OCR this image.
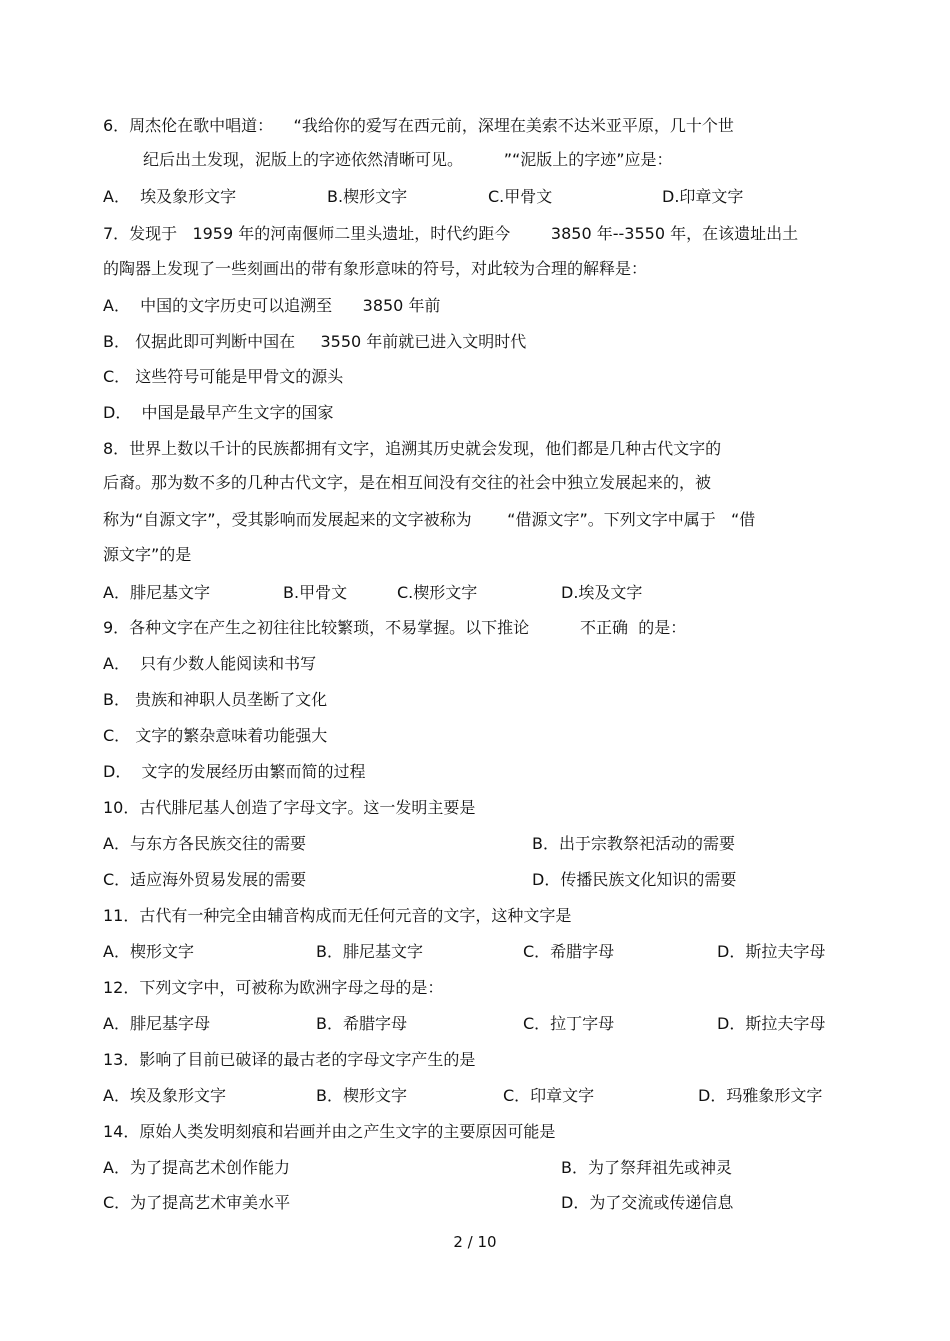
6．周杰伦在歌中唱道：    “我给你的爱写在西元前，深埋在美索不达米亚平原，几十个世
纪后出土发现，泥版上的字迹依然清晰可见。        ”“泥版上的字迹”应是：
A．  埃及象形文字	B.楔形文字	C.甲骨文	D.印章文字
7．发现于   1959 年的河南偃师二里头遗址，时代约距今        3850 年--3550 年，在该遗址出土
的陶器上发现了一些刻画出的带有象形意味的符号，对此较为合理的解释是：
A．  中国的文字历史可以追溯至      3850 年前
B． 仅据此即可判断中国在     3550 年前就已进入文明时代
C． 这些符号可能是甲骨文的源头
D．  中国是最早产生文字的国家
8．世界上数以千计的民族都拥有文字，追溯其历史就会发现，他们都是几种古代文字的
后裔。那为数不多的几种古代文字，是在相互间没有交往的社会中独立发展起来的，被
称为“自源文字”，受其影响而发展起来的文字被称为       “借源文字”。下列文字中属于   “借
源文字”的是
A．腓尼基文字	B.甲骨文	C.楔形文字	D.埃及文字
9．各种文字在产生之初往往比较繁琐，不易掌握。以下推论          不正确  的是：
A．  只有少数人能阅读和书写
B． 贵族和神职人员垄断了文化
C． 文字的繁杂意味着功能强大
D．  文字的发展经历由繁而简的过程
10．古代腓尼基人创造了字母文字。这一发明主要是
A．与东方各民族交往的需要	B．出于宗教祭祀活动的需要
C．适应海外贸易发展的需要	D．传播民族文化知识的需要
11．古代有一种完全由辅音构成而无任何元音的文字，这种文字是
A．楔形文字	B．腓尼基文字	C．希腊字母	D．斯拉夫字母
12．下列文字中，可被称为欧洲字母之母的是：
A．腓尼基字母	B．希腊字母	C．拉丁字母	D．斯拉夫字母
13．影响了目前已破译的最古老的字母文字产生的是
A．埃及象形文字	B．楔形文字	C．印章文字	D．玛雅象形文字
14．原始人类发明刻痕和岩画并由之产生文字的主要原因可能是
A．为了提高艺术创作能力	B．为了祭拜祖先或神灵
C．为了提高艺术审美水平	D．为了交流或传递信息
2 / 10
